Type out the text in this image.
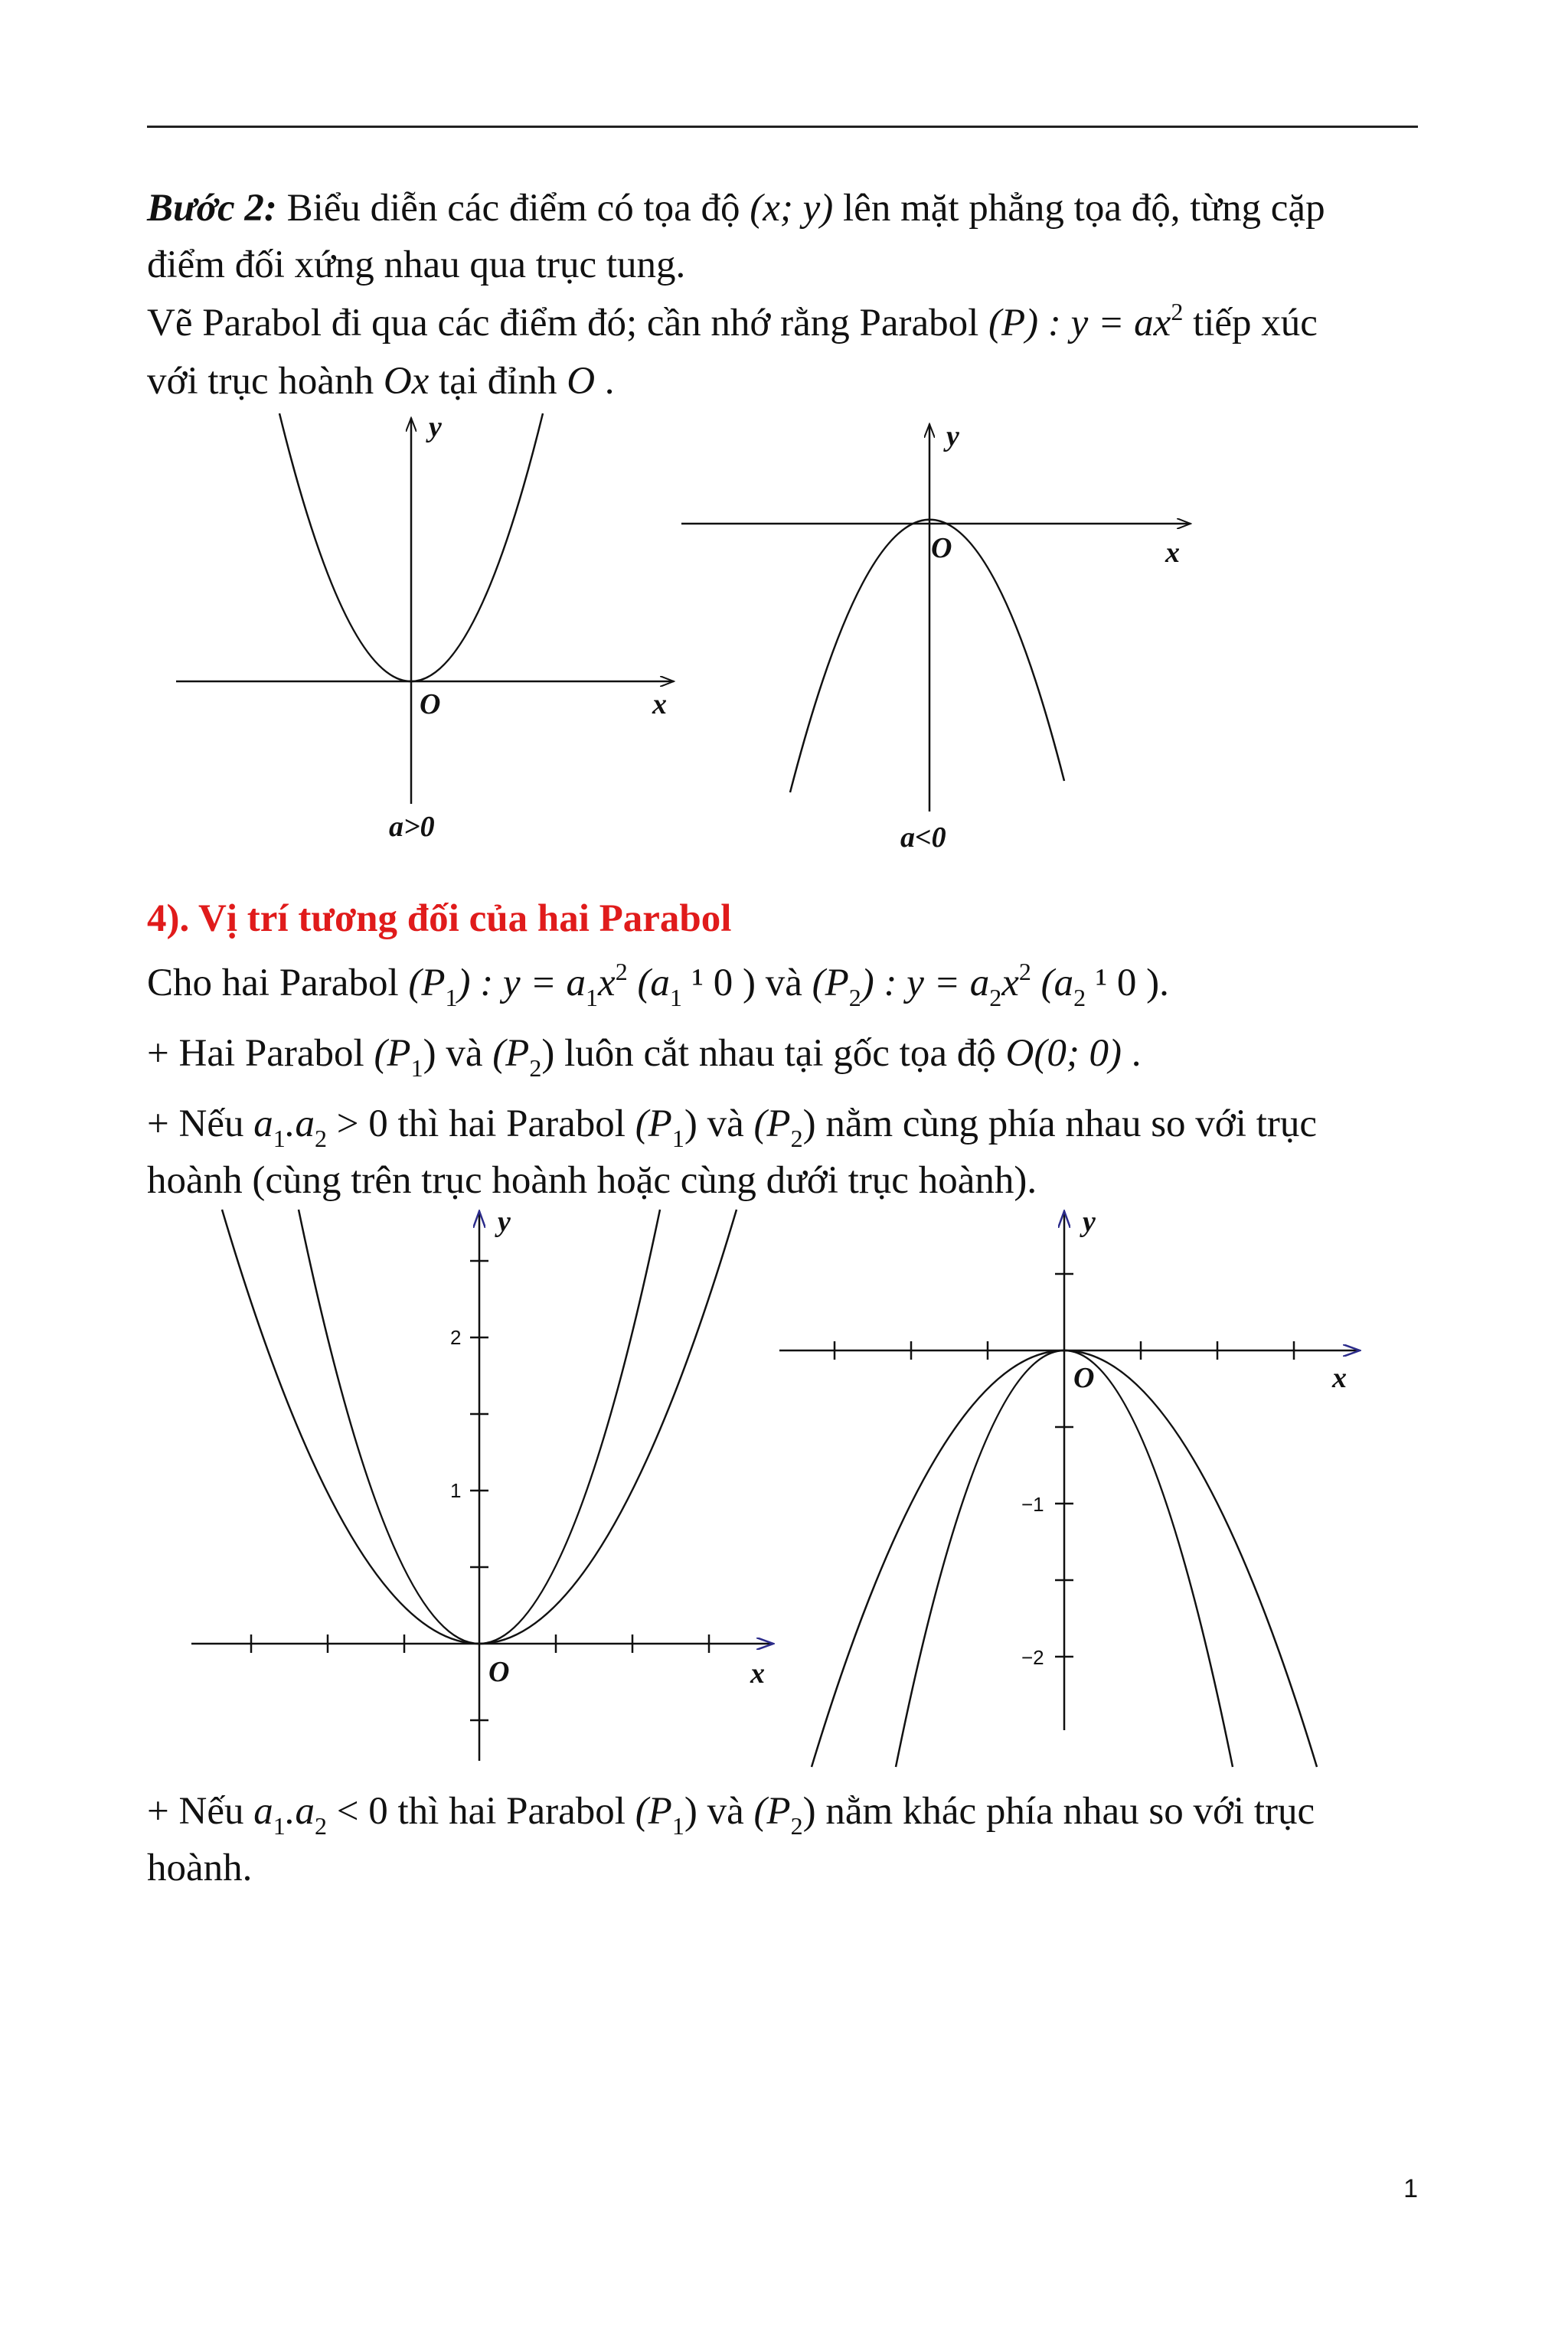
Bước 2: Biểu diễn các điểm có tọa độ (x; y) lên mặt phẳng tọa độ, từng cặp
điểm đối xứng nhau qua trục tung.
Vẽ Parabol đi qua các điểm đó; cần nhớ rằng Parabol (P) : $y = ax^2$ tiếp xúc
với trục hoành Ox tại đỉnh O .
y
x
O
a>0
y
x
O
a<0
4). Vị trí tương đối của hai Parabol
Cho hai Parabol $(P_1)$ : $y = a_1x^2$ ($a_1$ ¹ 0 ) và $(P_2)$ : $y = a_2x^2$ ($a_2$ ¹ 0 ).
+ Hai Parabol $(P_1)$ và $(P_2)$ luôn cắt nhau tại gốc tọa độ O(0; 0) .
+ Nếu $a_1.a_2 > 0$ thì hai Parabol $(P_1)$ và $(P_2)$ nằm cùng phía nhau so với trục
hoành (cùng trên trục hoành hoặc cùng dưới trục hoành).
1
2
y
x
O
−1
−2
y
x
O
+ Nếu $a_1.a_2 < 0$ thì hai Parabol $(P_1)$ và $(P_2)$ nằm khác phía nhau so với trục
hoành.
1
